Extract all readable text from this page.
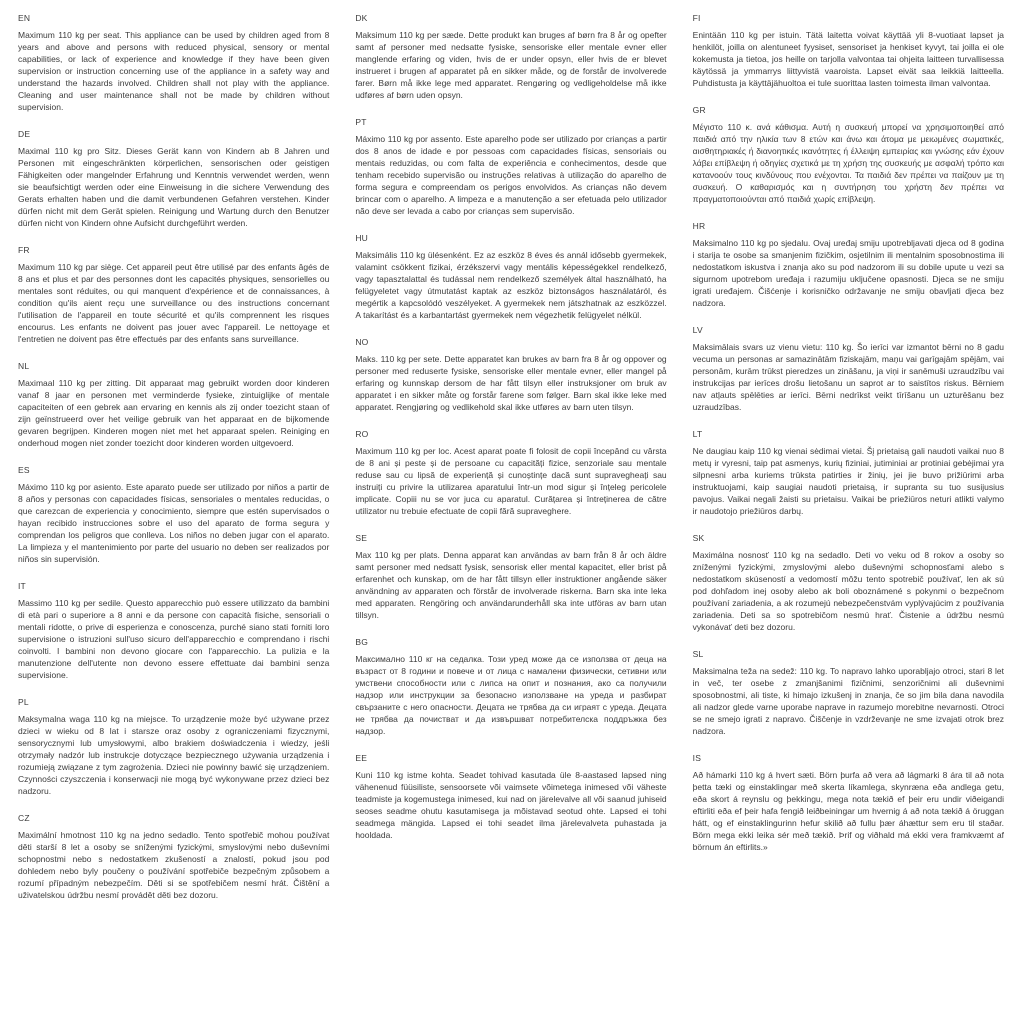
EN

Maximum 110 kg per seat. This appliance can be used by children aged from 8 years and above and persons with reduced physical, sensory or mental capabilities, or lack of experience and knowledge if they have been given supervision or instruction concerning use of the appliance in a safety way and understand the hazards involved. Children shall not play with the appliance. Cleaning and user maintenance shall not be made by children without supervision.

DE

Maximal 110 kg pro Sitz. Dieses Gerät kann von Kindern ab 8 Jahren und Personen mit eingeschränkten körperlichen, sensorischen oder geistigen Fähigkeiten oder mangelnder Erfahrung und Kenntnis verwendet werden, wenn sie beaufsichtigt werden oder eine Einweisung in die sichere Verwendung des Gerats erhalten haben und die damit verbundenen Gefahren verstehen. Kinder dürfen nicht mit dem Gerät spielen. Reinigung und Wartung durch den Benutzer dürfen nicht von Kindern ohne Aufsicht durchgeführt werden.

FR

Maximum 110 kg par siège. Cet appareil peut être utilisé par des enfants âgés de 8 ans et plus et par des personnes dont les capacités physiques, sensorielles ou mentales sont réduites, ou qui manquent d'expérience et de connaissances, à condition qu'ils aient reçu une surveillance ou des instructions concernant l'utilisation de l'appareil en toute sécurité et qu'ils comprennent les risques encourus. Les enfants ne doivent pas jouer avec l'appareil. Le nettoyage et l'entretien ne doivent pas être effectués par des enfants sans surveillance.

NL

Maximaal 110 kg per zitting. Dit apparaat mag gebruikt worden door kinderen vanaf 8 jaar en personen met verminderde fysieke, zintuiglijke of mentale capaciteiten of een gebrek aan ervaring en kennis als zij onder toezicht staan of zijn geïnstrueerd over het veilige gebruik van het apparaat en de bijkomende gevaren begrijpen. Kinderen mogen niet met het apparaat spelen. Reiniging en onderhoud mogen niet zonder toezicht door kinderen worden uitgevoerd.

ES

Máximo 110 kg por asiento. Este aparato puede ser utilizado por niños a partir de 8 años y personas con capacidades físicas, sensoriales o mentales reducidas, o que carezcan de experiencia y conocimiento, siempre que estén supervisados o hayan recibido instrucciones sobre el uso del aparato de forma segura y comprendan los peligros que conlleva. Los niños no deben jugar con el aparato. La limpieza y el mantenimiento por parte del usuario no deben ser realizados por niños sin supervisión.

IT

Massimo 110 kg per sedile. Questo apparecchio può essere utilizzato da bambini di età pari o superiore a 8 anni e da persone con capacità fisiche, sensoriali o mentali ridotte, o prive di esperienza e conoscenza, purché siano stati forniti loro supervisione o istruzioni sull'uso sicuro dell'apparecchio e comprendano i rischi coinvolti. I bambini non devono giocare con l'apparecchio. La pulizia e la manutenzione dell'utente non devono essere effettuate dai bambini senza supervisione.

PL

Maksymalna waga 110 kg na miejsce. To urządzenie może być używane przez dzieci w wieku od 8 lat i starsze oraz osoby z ograniczeniami fizycznymi, sensorycznymi lub umysłowymi, albo brakiem doświadczenia i wiedzy, jeśli otrzymały nadzór lub instrukcje dotyczące bezpiecznego używania urządzenia i rozumieją związane z tym zagrożenia. Dzieci nie powinny bawić się urządzeniem. Czynności czyszczenia i konserwacji nie mogą być wykonywane przez dzieci bez nadzoru.

CZ

Maximální hmotnost 110 kg na jedno sedadlo. Tento spotřebič mohou používat děti starší 8 let a osoby se sníženými fyzickými, smyslovými nebo duševními schopnostmi nebo s nedostatkem zkušeností a znalostí, pokud jsou pod dohledem nebo byly poučeny o používání spotřebiče bezpečným způsobem a rozumí případným nebezpečím. Děti si se spotřebičem nesmí hrát. Čištění a uživatelskou údržbu nesmí provádět děti bez dozoru.

DK

Maksimum 110 kg per sæde. Dette produkt kan bruges af børn fra 8 år og opefter samt af personer med nedsatte fysiske, sensoriske eller mentale evner eller manglende erfaring og viden, hvis de er under opsyn, eller hvis de er blevet instrueret i brugen af apparatet på en sikker måde, og de forstår de involverede farer. Børn må ikke lege med apparatet. Rengøring og vedligeholdelse må ikke udføres af børn uden opsyn.

PT

Máximo 110 kg por assento. Este aparelho pode ser utilizado por crianças a partir dos 8 anos de idade e por pessoas com capacidades físicas, sensoriais ou mentais reduzidas, ou com falta de experiência e conhecimentos, desde que tenham recebido supervisão ou instruções relativas à utilização do aparelho de forma segura e compreendam os perigos envolvidos. As crianças não devem brincar com o aparelho. A limpeza e a manutenção a ser efetuada pelo utilizador não deve ser levada a cabo por crianças sem supervisão.

HU

Maksimális 110 kg ülésenként. Ez az eszköz 8 éves és annál idősebb gyermekek, valamint csökkent fizikai, érzékszervi vagy mentális képességekkel rendelkező, vagy tapasztalattal és tudással nem rendelkező személyek által használható, ha felügyeletet vagy útmutatást kaptak az eszköz biztonságos használatáról, és megértik a kapcsolódó veszélyeket. A gyermekek nem játszhatnak az eszközzel. A takarítást és a karbantartást gyermekek nem végezhetik felügyelet nélkül.

NO

Maks. 110 kg per sete. Dette apparatet kan brukes av barn fra 8 år og oppover og personer med reduserte fysiske, sensoriske eller mentale evner, eller mangel på erfaring og kunnskap dersom de har fått tilsyn eller instruksjoner om bruk av apparatet i en sikker måte og forstår farene som følger. Barn skal ikke leke med apparatet. Rengjøring og vedlikehold skal ikke utføres av barn uten tilsyn.

RO

Maximum 110 kg per loc. Acest aparat poate fi folosit de copii începând cu vârsta de 8 ani și peste și de persoane cu capacități fizice, senzoriale sau mentale reduse sau cu lipsă de experiență și cunoștințe dacă sunt supravegheați sau instruiți cu privire la utilizarea aparatului într-un mod sigur și înțeleg pericolele implicate. Copiii nu se vor juca cu aparatul. Curățarea și întreținerea de către utilizator nu trebuie efectuate de copii fără supraveghere.

SE

Max 110 kg per plats. Denna apparat kan användas av barn från 8 år och äldre samt personer med nedsatt fysisk, sensorisk eller mental kapacitet, eller brist på erfarenhet och kunskap, om de har fått tillsyn eller instruktioner angående säker användning av apparaten och förstår de involverade riskerna. Barn ska inte leka med apparaten. Rengöring och användarunderhåll ska inte utföras av barn utan tillsyn.

BG

Максимално 110 кг на седалка. Този уред може да се използва от деца на възраст от 8 години и повече и от лица с намалени физически, сетивни или умствени способности или с липса на опит и познания, ако са получили надзор или инструкции за безопасно използване на уреда и разбират свързаните с него опасности. Децата не трябва да си играят с уреда. Децата не трябва да почистват и да извършват потребителска поддръжка без надзор.

EE

Kuni 110 kg istme kohta. Seadet tohivad kasutada üle 8-aastased lapsed ning vähenenud füüsiliste, sensoorsete või vaimsete võimetega inimesed või väheste teadmiste ja kogemustega inimesed, kui nad on järelevalve all või saanud juhiseid seoses seadme ohutu kasutamisega ja mõistavad seotud ohte. Lapsed ei tohi seadmega mängida. Lapsed ei tohi seadet ilma järelevalveta puhastada ja hooldada.

FI

Enintään 110 kg per istuin. Tätä laitetta voivat käyttää yli 8-vuotiaat lapset ja henkilöt, joilla on alentuneet fyysiset, sensoriset ja henkiset kyvyt, tai joilla ei ole kokemusta ja tietoa, jos heille on tarjolla valvontaa tai ohjeita laitteen turvallisessa käytössä ja ymmarrys liittyvistä vaaroista. Lapset eivät saa leikkiä laitteella. Puhdistusta ja käyttäjähuoltoa ei tule suorittaa lasten toimesta ilman valvontaa.

GR

Μέγιστο 110 κ. ανά κάθισμα. Αυτή η συσκευή μπορεί να χρησιμοποιηθεί από παιδιά από την ηλικία των 8 ετών και άνω και άτομα με μειωμένες σωματικές, αισθητηριακές ή διανοητικές ικανότητες ή έλλειψη εμπειρίας και γνώσης εάν έχουν λάβει επίβλεψη ή οδηγίες σχετικά με τη χρήση της συσκευής με ασφαλή τρόπο και κατανοούν τους κινδύνους που ενέχονται. Τα παιδιά δεν πρέπει να παίζουν με τη συσκευή. Ο καθαρισμός και η συντήρηση του χρήστη δεν πρέπει να πραγματοποιούνται από παιδιά χωρίς επίβλεψη.

HR

Maksimalno 110 kg po sjedalu. Ovaj uređaj smiju upotrebljavati djeca od 8 godina i starija te osobe sa smanjenim fizičkim, osjetilnim ili mentalnim sposobnostima ili nedostatkom iskustva i znanja ako su pod nadzorom ili su dobile upute u vezi sa sigurnom upotrebom uređaja i razumiju uključene opasnosti. Djeca se ne smiju igrati uređajem. Čišćenje i korisničko održavanje ne smiju obavljati djeca bez nadzora.

LV

Maksimālais svars uz vienu vietu: 110 kg. Šo ierīci var izmantot bērni no 8 gadu vecuma un personas ar samazinātām fiziskajām, maņu vai garīgajām spējām, vai personām, kurām trūkst pieredzes un zināšanu, ja viņi ir sanēmuši uzraudzību vai instrukcijas par ierīces drošu lietošanu un saprot ar to saistītos riskus. Bērniem nav atļauts spēlēties ar ierīci. Bērni nedrīkst veikt tīrīšanu un uzturēšanu bez uzraudzības.

LT

Ne daugiau kaip 110 kg vienai sėdimai vietai. Šį prietaisą gali naudoti vaikai nuo 8 metų ir vyresni, taip pat asmenys, kurių fiziniai, jutiminiai ar protiniai gebėjimai yra silpnesni arba kuriems trūksta patirties ir žinių, jei jie buvo prižiūrimi arba instruktuojami, kaip saugiai naudoti prietaisą, ir supranta su tuo susijusius pavojus. Vaikai negali žaisti su prietaisu. Vaikai be priežiūros neturi atlikti valymo ir naudotojo priežiūros darbų.

SK

Maximálna nosnosť 110 kg na sedadlo. Deti vo veku od 8 rokov a osoby so zníženými fyzickými, zmyslovými alebo duševnými schopnosťami alebo s nedostatkom skúseností a vedomostí môžu tento spotrebič používať, len ak sú pod dohľadom inej osoby alebo ak boli oboznámené s pokynmi o bezpečnom používaní zariadenia, a ak rozumejú nebezpečenstvám vyplývajúcim z používania zariadenia. Deti sa so spotrebičom nesmú hrať. Čistenie a údržbu nesmú vykonávať deti bez dozoru.

SL

Maksimalna teža na sedež: 110 kg. To napravo lahko uporabljajo otroci, stari 8 let in več, ter osebe z zmanjšanimi fizičnimi, senzoričnimi ali duševnimi sposobnostmi, ali tiste, ki himajo izkušenj in znanja, če so jim bila dana navodila ali nadzor glede varne uporabe naprave in razumejo morebitne nevarnosti. Otroci se ne smejo igrati z napravo. Čiščenje in vzdrževanje ne sme izvajati otrok brez nadzora.

IS

Að hámarki 110 kg á hvert sæti. Börn þurfa að vera að lágmarki 8 ára til að nota þetta tæki og einstaklingar með skerta líkamlega, skynræna eða andlega getu, eða skort á reynslu og þekkingu, mega nota tækið ef þeir eru undir viðeigandi eftirliti eða ef þeir hafa fengið leiðbeiningar um hvernig á að nota tækið á öruggan hátt, og ef einstaklingurinn hefur skilið að fullu þær áhættur sem eru til staðar. Börn mega ekki leika sér með tækið. Þrif og viðhald má ekki vera framkvæmt af börnum án eftirlits.»
